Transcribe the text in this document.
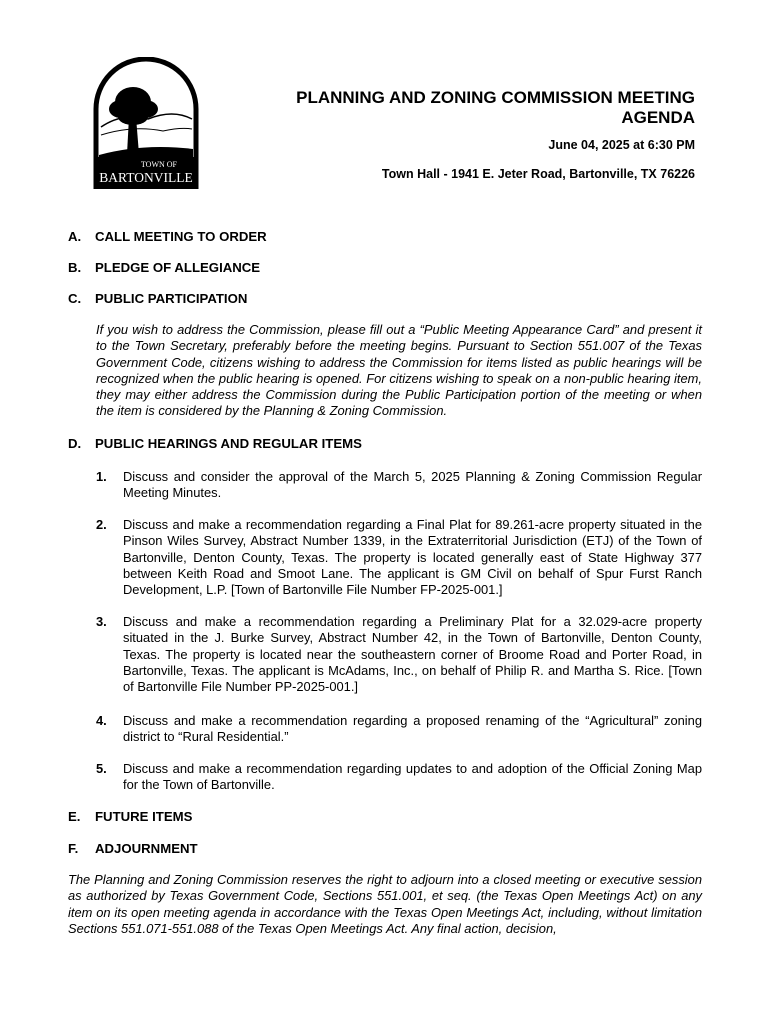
TOWN OF
BARTONVILLE
PLANNING AND ZONING COMMISSION MEETING
AGENDA
June 04, 2025 at 6:30 PM
Town Hall - 1941 E. Jeter Road, Bartonville, TX 76226
A. CALL MEETING TO ORDER
B. PLEDGE OF ALLEGIANCE
C. PUBLIC PARTICIPATION
If you wish to address the Commission, please fill out a “Public Meeting Appearance Card” and present it to the Town Secretary, preferably before the meeting begins. Pursuant to Section 551.007 of the Texas Government Code, citizens wishing to address the Commission for items listed as public hearings will be recognized when the public hearing is opened. For citizens wishing to speak on a non-public hearing item, they may either address the Commission during the Public Participation portion of the meeting or when the item is considered by the Planning & Zoning Commission.
D. PUBLIC HEARINGS AND REGULAR ITEMS
1. Discuss and consider the approval of the March 5, 2025 Planning & Zoning Commission Regular Meeting Minutes.
2. Discuss and make a recommendation regarding a Final Plat for 89.261-acre property situated in the Pinson Wiles Survey, Abstract Number 1339, in the Extraterritorial Jurisdiction (ETJ) of the Town of Bartonville, Denton County, Texas. The property is located generally east of State Highway 377 between Keith Road and Smoot Lane. The applicant is GM Civil on behalf of Spur Furst Ranch Development, L.P. [Town of Bartonville File Number FP-2025-001.]
3. Discuss and make a recommendation regarding a Preliminary Plat for a 32.029-acre property situated in the J. Burke Survey, Abstract Number 42, in the Town of Bartonville, Denton County, Texas. The property is located near the southeastern corner of Broome Road and Porter Road, in Bartonville, Texas. The applicant is McAdams, Inc., on behalf of Philip R. and Martha S. Rice. [Town of Bartonville File Number PP-2025-001.]
4. Discuss and make a recommendation regarding a proposed renaming of the “Agricultural” zoning district to “Rural Residential.”
5. Discuss and make a recommendation regarding updates to and adoption of the Official Zoning Map for the Town of Bartonville.
E. FUTURE ITEMS
F. ADJOURNMENT
The Planning and Zoning Commission reserves the right to adjourn into a closed meeting or executive session as authorized by Texas Government Code, Sections 551.001, et seq. (the Texas Open Meetings Act) on any item on its open meeting agenda in accordance with the Texas Open Meetings Act, including, without limitation Sections 551.071-551.088 of the Texas Open Meetings Act. Any final action, decision,
